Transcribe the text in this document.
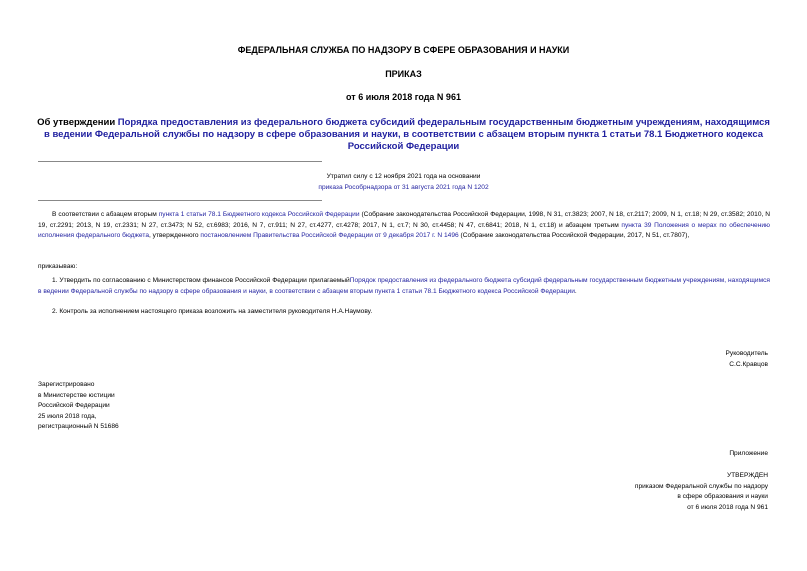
ФЕДЕРАЛЬНАЯ СЛУЖБА ПО НАДЗОРУ В СФЕРЕ ОБРАЗОВАНИЯ И НАУКИ
ПРИКАЗ
от 6 июля 2018 года N 961
Об утверждении Порядка предоставления из федерального бюджета субсидий федеральным государственным бюджетным учреждениям, находящимся в ведении Федеральной службы по надзору в сфере образования и науки, в соответствии с абзацем вторым пункта 1 статьи 78.1 Бюджетного кодекса Российской Федерации
Утратил силу с 12 ноября 2021 года на основании
приказа Рособрнадзора от 31 августа 2021 года N 1202
В соответствии с абзацем вторым пункта 1 статьи 78.1 Бюджетного кодекса Российской Федерации (Собрание законодательства Российской Федерации, 1998, N 31, ст.3823; 2007, N 18, ст.2117; 2009, N 1, ст.18; N 29, ст.3582; 2010, N 19, ст.2291; 2013, N 19, ст.2331; N 27, ст.3473; N 52, ст.6983; 2016, N 7, ст.911; N 27, ст.4277, ст.4278; 2017, N 1, ст.7; N 30, ст.4458; N 47, ст.6841; 2018, N 1, ст.18) и абзацем третьим пункта 39 Положения о мерах по обеспечению исполнения федерального бюджета, утвержденного постановлением Правительства Российской Федерации от 9 декабря 2017 г. N 1496 (Собрание законодательства Российской Федерации, 2017, N 51, ст.7807),
приказываю:
1. Утвердить по согласованию с Министерством финансов Российской Федерации прилагаемыйПорядок предоставления из федерального бюджета субсидий федеральным государственным бюджетным учреждениям, находящимся в ведении Федеральной службы по надзору в сфере образования и науки, в соответствии с абзацем вторым пункта 1 статьи 78.1 Бюджетного кодекса Российской Федерации.
2. Контроль за исполнением настоящего приказа возложить на заместителя руководителя Н.А.Наумову.
Руководитель
С.С.Кравцов
Зарегистрировано
в Министерстве юстиции
Российской Федерации
25 июля 2018 года,
регистрационный N 51686
Приложение
УТВЕРЖДЕН
приказом Федеральной службы по надзору
в сфере образования и науки
от 6 июля 2018 года N 961
